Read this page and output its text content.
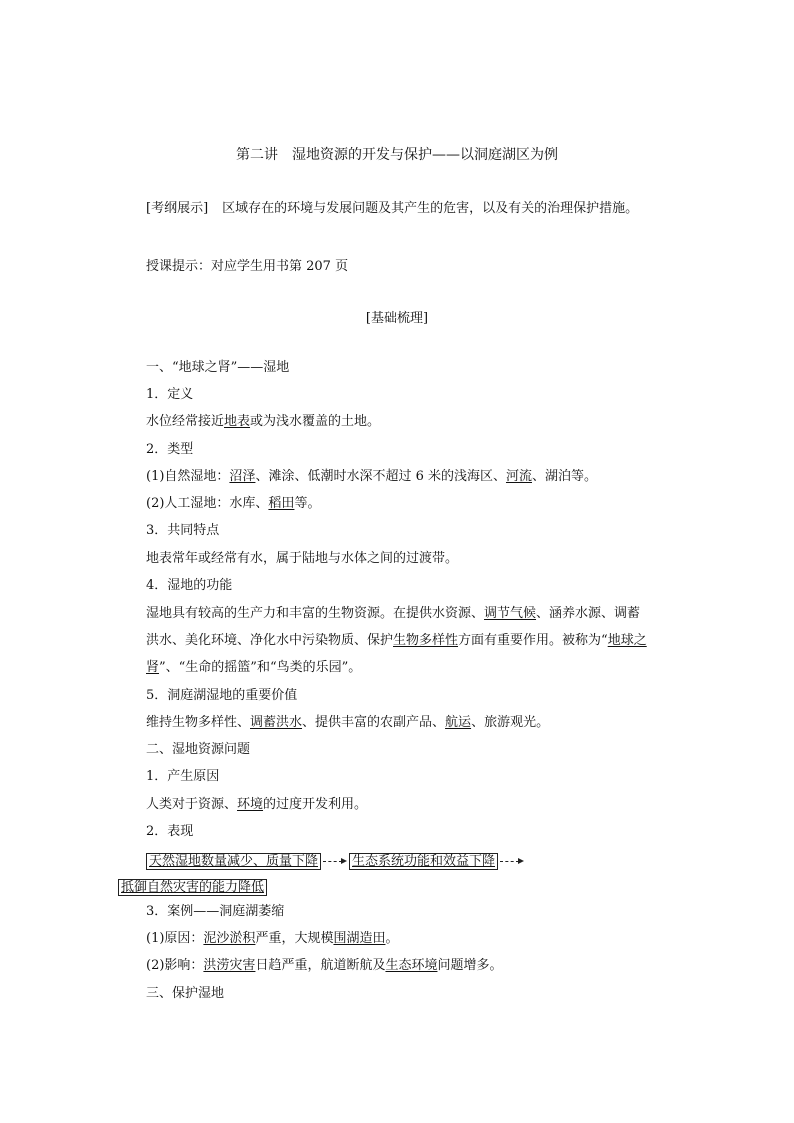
第二讲　湿地资源的开发与保护——以洞庭湖区为例
[考纲展示] 区域存在的环境与发展问题及其产生的危害，以及有关的治理保护措施。
授课提示：对应学生用书第 207 页
[基础梳理]
一、“地球之肾”——湿地
1．定义
水位经常接近地表或为浅水覆盖的土地。
2．类型
(1)自然湿地：沼泽、滩涂、低潮时水深不超过 6 米的浅海区、河流、湖泊等。
(2)人工湿地：水库、稻田等。
3．共同特点
地表常年或经常有水，属于陆地与水体之间的过渡带。
4．湿地的功能
湿地具有较高的生产力和丰富的生物资源。在提供水资源、调节气候、涵养水源、调蓄
洪水、美化环境、净化水中污染物质、保护生物多样性方面有重要作用。被称为“地球之
肾”、“生命的摇篮”和“鸟类的乐园”。
5．洞庭湖湿地的重要价值
维持生物多样性、调蓄洪水、提供丰富的农副产品、航运、旅游观光。
二、湿地资源问题
1．产生原因
人类对于资源、环境的过度开发利用。
2．表现
天然湿地数量减少、质量下降	生态系统功能和效益下降
抵御自然灾害的能力降低
3．案例——洞庭湖萎缩
(1)原因：泥沙淤积严重，大规模围湖造田。
(2)影响：洪涝灾害日趋严重，航道断航及生态环境问题增多。
三、保护湿地
